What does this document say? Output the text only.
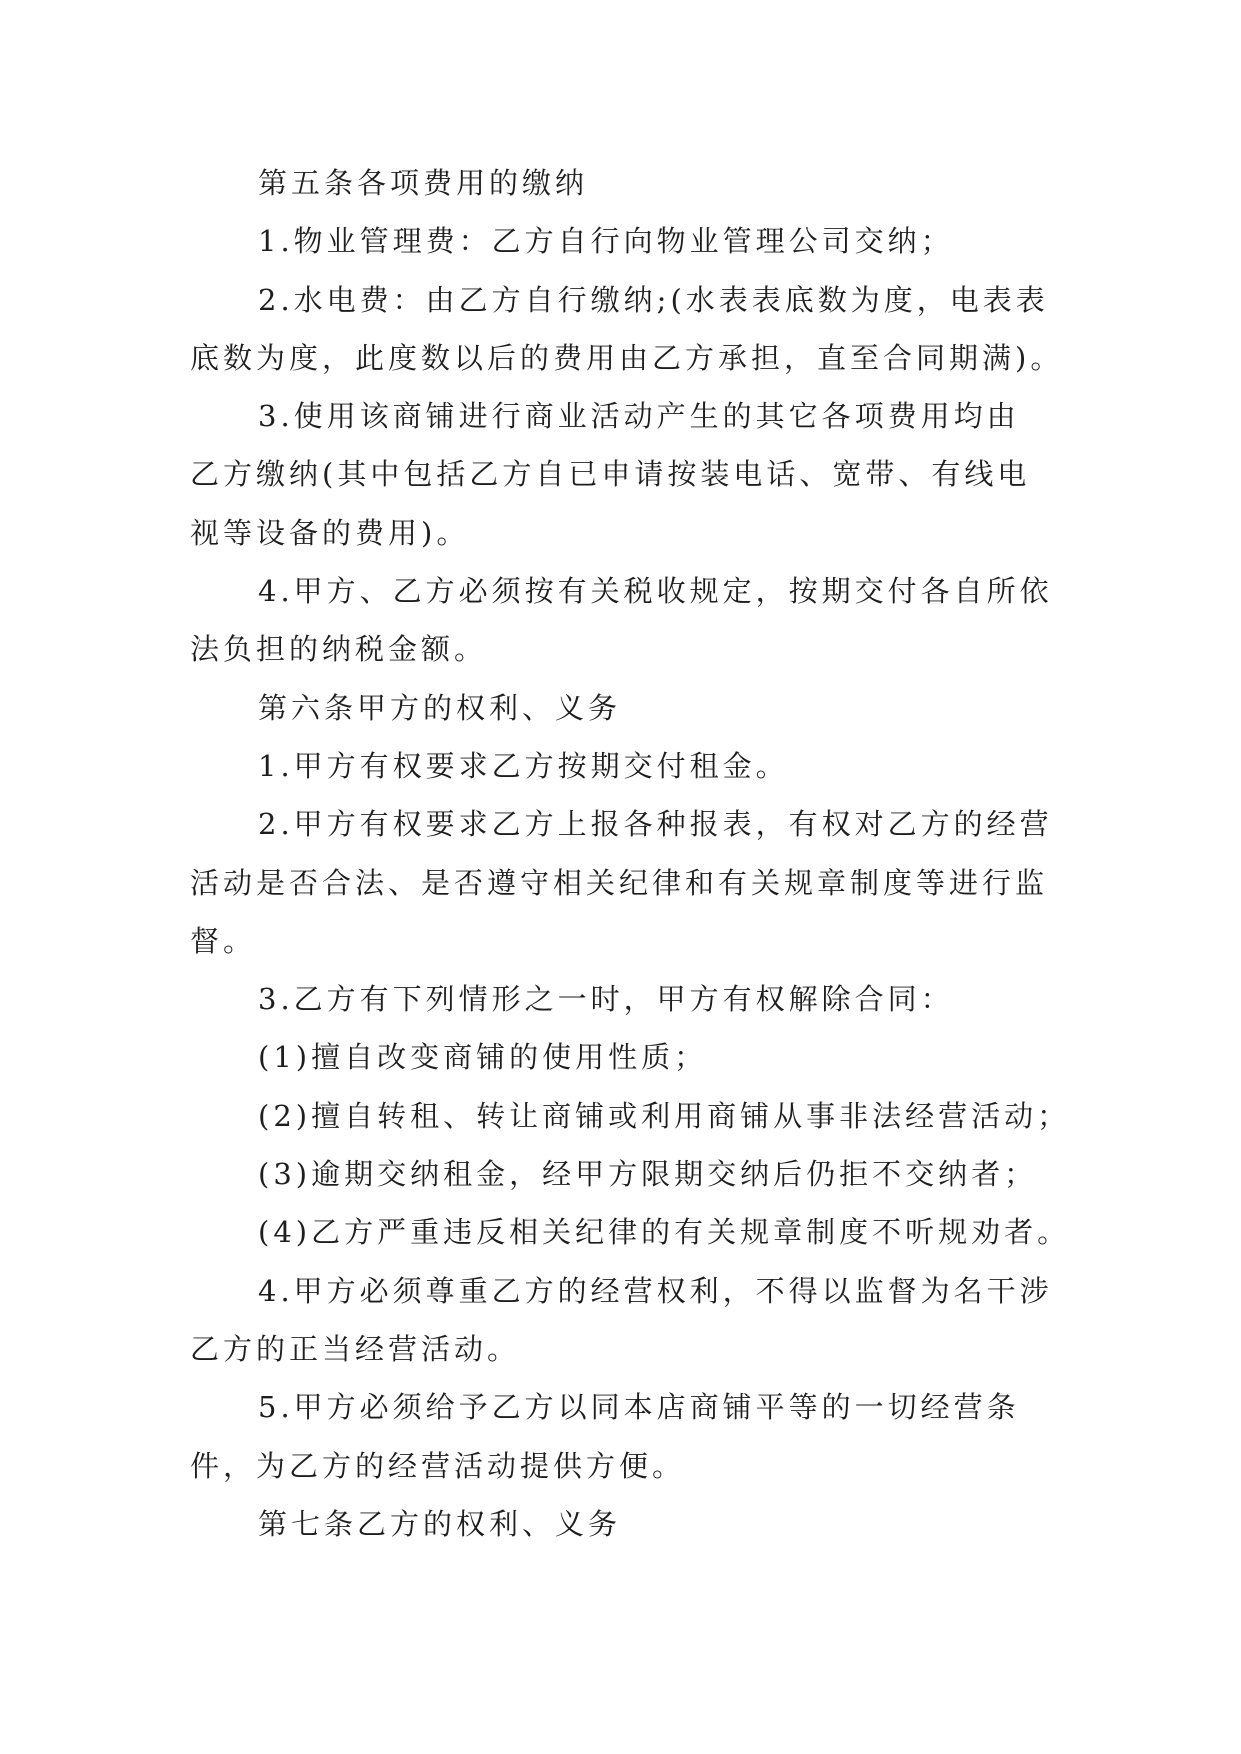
第五条各项费用的缴纳
1.物业管理费：乙方自行向物业管理公司交纳；
2.水电费：由乙方自行缴纳;(水表表底数为度，电表表
底数为度，此度数以后的费用由乙方承担，直至合同期满)。
3.使用该商铺进行商业活动产生的其它各项费用均由
乙方缴纳(其中包括乙方自已申请按装电话、宽带、有线电
视等设备的费用)。
4.甲方、乙方必须按有关税收规定，按期交付各自所依
法负担的纳税金额。
第六条甲方的权利、义务
1.甲方有权要求乙方按期交付租金。
2.甲方有权要求乙方上报各种报表，有权对乙方的经营
活动是否合法、是否遵守相关纪律和有关规章制度等进行监
督。
3.乙方有下列情形之一时，甲方有权解除合同：
(1)擅自改变商铺的使用性质；
(2)擅自转租、转让商铺或利用商铺从事非法经营活动；
(3)逾期交纳租金，经甲方限期交纳后仍拒不交纳者；
(4)乙方严重违反相关纪律的有关规章制度不听规劝者。
4.甲方必须尊重乙方的经营权利，不得以监督为名干涉
乙方的正当经营活动。
5.甲方必须给予乙方以同本店商铺平等的一切经营条
件，为乙方的经营活动提供方便。
第七条乙方的权利、义务
